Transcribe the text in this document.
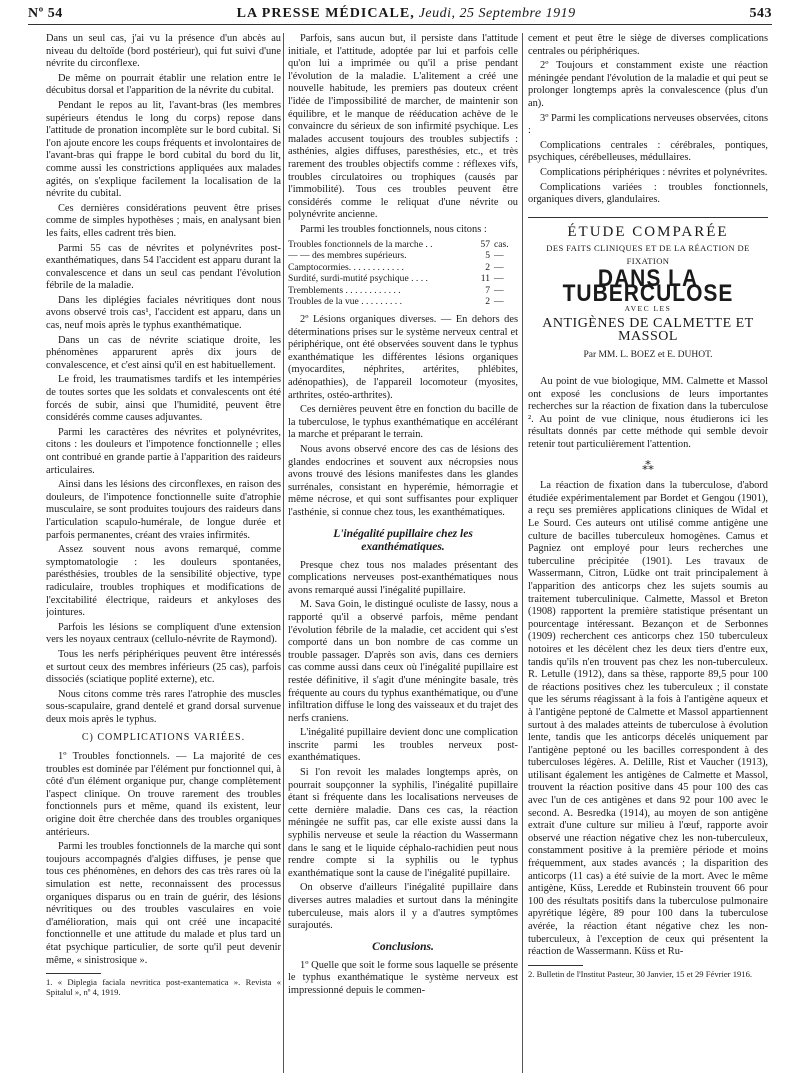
Nº 54	LA PRESSE MÉDICALE, Jeudi, 25 Septembre 1919	543

Dans un seul cas, j'ai vu la présence d'un abcès au niveau du deltoïde (bord postérieur), qui fut suivi d'une névrite du circonflexe.

De même on pourrait établir une relation entre le décubitus dorsal et l'apparition de la névrite du cubital.

Pendant le repos au lit, l'avant-bras (les membres supérieurs étendus le long du corps) repose dans l'attitude de pronation incomplète sur le bord cubital. Si l'on ajoute encore les coups fréquents et involontaires de l'avant-bras qui frappe le bord cubital du bord du lit, comme aussi les constrictions appliquées aux malades agités, on s'explique facilement la localisation de la névrite du cubital.

Ces dernières considérations peuvent être prises comme de simples hypothèses ; mais, en analysant bien les faits, elles cadrent très bien.

Parmi 55 cas de névrites et polynévrites post-exanthématiques, dans 54 l'accident est apparu durant la convalescence et dans un seul cas pendant l'évolution fébrile de la maladie.

Dans les diplégies faciales névritiques dont nous avons observé trois cas¹, l'accident est apparu, dans un cas, neuf mois après le typhus exanthématique.

Dans un cas de névrite sciatique droite, les phénomènes apparurent après dix jours de convalescence, et c'est ainsi qu'il en est habituellement.

Le froid, les traumatismes tardifs et les intempéries de toutes sortes que les soldats et convalescents ont été forcés de subir, ainsi que l'humidité, peuvent être considérés comme causes adjuvantes.

Parmi les caractères des névrites et polynévrites, citons : les douleurs et l'impotence fonctionnelle ; elles ont contribué en grande partie à l'apparition des raideurs articulaires.

Ainsi dans les lésions des circonflexes, en raison des douleurs, de l'impotence fonctionnelle suite d'atrophie musculaire, se sont produites toujours des raideurs dans l'articulation scapulo-humérale, de longue durée et parfois permanentes, créant des vraies infirmités.

Assez souvent nous avons remarqué, comme symptomatologie : les douleurs spontanées, parésthésies, troubles de la sensibilité objective, type radiculaire, troubles trophiques et modifications de l'excitabilité électrique, raideurs et ankyloses des jointures.

Parfois les lésions se compliquent d'une extension vers les noyaux centraux (cellulo-névrite de Raymond).

Tous les nerfs périphériques peuvent être intéressés et surtout ceux des membres inférieurs (25 cas), parfois dissociés (sciatique poplité externe), etc.

Nous citons comme très rares l'atrophie des muscles sous-scapulaire, grand dentelé et grand dorsal survenue deux mois après le typhus.

C) COMPLICATIONS VARIÉES.

1º Troubles fonctionnels. — La majorité de ces troubles est dominée par l'élément pur fonctionnel qui, à côté d'un élément organique pur, change complètement l'aspect clinique. On trouve rarement des troubles fonctionnels purs et même, quand ils existent, leur origine doit être cherchée dans des troubles organiques antérieurs.

Parmi les troubles fonctionnels de la marche qui sont toujours accompagnés d'algies diffuses, je pense que tous ces phénomènes, en dehors des cas très rares où la simulation est nette, reconnaissent des processus organiques disparus ou en train de guérir, des lésions névritiques ou des troubles vasculaires en voie d'amélioration, mais qui ont créé une incapacité fonctionnelle et une attitude du malade et plus tard un état psychique particulier, de sorte qu'il peut devenir même, « sinistrosique ».

1. « Diplegia faciala nevritica post-exantematica ». Revista « Spitalul », nº 4, 1919.

Parfois, sans aucun but, il persiste dans l'attitude initiale, et l'attitude, adoptée par lui et parfois celle qu'on lui a imprimée ou qu'il a prise pendant l'évolution de la maladie. L'alitement a créé une nouvelle habitude, les premiers pas douteux créent l'idée de l'impossibilité de marcher, de maintenir son équilibre, et le manque de rééducation achève de le convaincre du sérieux de son infirmité psychique. Les malades accusent toujours des troubles subjectifs : asthénies, algies diffuses, paresthésies, etc., et très rarement des troubles objectifs comme : réflexes vifs, troubles circulatoires ou trophiques (causés par l'immobilité). Tous ces troubles peuvent être considérés comme le reliquat d'une névrite ou polynévrite ancienne.

Parmi les troubles fonctionnels, nous citons :

Troubles fonctionnels de la marche . .	57	cas.
— — des membres supérieurs.	5	—
Camptocormies. . . . . . . . . . . .	2	—
Surdité, surdi-mutité psychique . . . .	11	—
Tremblements . . . . . . . . . . . .	7	—
Troubles de la vue . . . . . . . . .	2	—

2º Lésions organiques diverses. — En dehors des déterminations prises sur le système nerveux central et périphérique, ont été observées souvent dans le typhus exanthématique les différentes lésions organiques (myocardites, néphrites, artérites, phlébites, adénopathies), de l'appareil locomoteur (myosites, arthrites, ostéo-arthrites).

Ces dernières peuvent être en fonction du bacille de la tuberculose, le typhus exanthématique en accélérant la marche et préparant le terrain.

Nous avons observé encore des cas de lésions des glandes endocrines et souvent aux nécropsies nous avons trouvé des lésions manifestes dans les glandes surrénales, consistant en hyperémie, hémorragie et même nécrose, et qui sont suffisantes pour expliquer l'asthénie, si connue chez tous, les exanthématiques.

L'inégalité pupillaire chez les exanthématiques.

Presque chez tous nos malades présentant des complications nerveuses post-exanthématiques nous avons remarqué aussi l'inégalité pupillaire.

M. Sava Goin, le distingué oculiste de Iassy, nous a rapporté qu'il a observé parfois, même pendant l'évolution fébrile de la maladie, cet accident qui s'est comporté dans un bon nombre de cas comme un trouble passager. D'après son avis, dans ces derniers cas comme aussi dans ceux où l'inégalité pupillaire est restée définitive, il s'agit d'une méningite basale, très fréquente au cours du typhus exanthématique, ou d'une infiltration diffuse le long des vaisseaux et du trajet des nerfs craniens.

L'inégalité pupillaire devient donc une complication inscrite parmi les troubles nerveux post-exanthématiques.

Si l'on revoit les malades longtemps après, on pourrait soupçonner la syphilis, l'inégalité pupillaire étant si fréquente dans les localisations nerveuses de cette dernière maladie. Dans ces cas, la réaction méningée ne suffit pas, car elle existe aussi dans la syphilis nerveuse et seule la réaction du Wassermann dans le sang et le liquide céphalo-rachidien peut nous rendre compte si la syphilis ou le typhus exanthématique sont la cause de l'inégalité pupillaire.

On observe d'ailleurs l'inégalité pupillaire dans diverses autres maladies et surtout dans la méningite tuberculeuse, mais alors il y a d'autres symptômes surajoutés.

Conclusions.

1º Quelle que soit le forme sous laquelle se présente le typhus exanthématique le système nerveux est impressionné depuis le commen-

cement et peut être le siège de diverses complications centrales ou périphériques.

2º Toujours et constamment existe une réaction méningée pendant l'évolution de la maladie et qui peut se prolonger longtemps après la convalescence (plus d'un an).

3º Parmi les complications nerveuses observées, citons :

Complications centrales : cérébrales, pontiques, psychiques, cérébelleuses, médullaires.

Complications périphériques : névrites et polynévrites.

Complications variées : troubles fonctionnels, organiques divers, glandulaires.

ÉTUDE COMPARÉE
DES FAITS CLINIQUES ET DE LA RÉACTION DE FIXATION
DANS LA TUBERCULOSE
AVEC LES
ANTIGÈNES DE CALMETTE ET MASSOL
Par MM. L. BOEZ et E. DUHOT.

Au point de vue biologique, MM. Calmette et Massol ont exposé les conclusions de leurs importantes recherches sur la réaction de fixation dans la tuberculose ². Au point de vue clinique, nous étudierons ici les résultats donnés par cette méthode qui semble devoir retenir tout particulièrement l'attention.

⁂

La réaction de fixation dans la tuberculose, d'abord étudiée expérimentalement par Bordet et Gengou (1901), a reçu ses premières applications cliniques de Widal et Le Sourd. Ces auteurs ont utilisé comme antigène une culture de bacilles tuberculeux homogènes. Camus et Pagniez ont employé pour leurs recherches une tuberculine précipitée (1901). Les travaux de Wassermann, Citron, Lüdke ont trait principalement à l'apparition des anticorps chez les sujets soumis au traitement tuberculinique. Calmette, Massol et Breton (1908) rapportent la première statistique présentant un pourcentage intéressant. Bezançon et de Serbonnes (1909) recherchent ces anticorps chez 150 tuberculeux notoires et les décèlent chez les deux tiers d'entre eux, tandis qu'ils n'en trouvent pas chez les non-tuberculeux. R. Letulle (1912), dans sa thèse, rapporte 89,5 pour 100 de réactions positives chez les tuberculeux ; il constate que les sérums réagissant à la fois à l'antigène aqueux et à l'antigène peptoné de Calmette et Massol appartiennent surtout à des malades atteints de tuberculose à évolution lente, tandis que les anticorps décelés uniquement par l'antigène peptoné ou les bacilles correspondent à des tuberculoses légères. A. Delille, Rist et Vaucher (1913), utilisant également les antigènes de Calmette et Massol, trouvent la réaction positive dans 45 pour 100 des cas avec l'un de ces antigènes et dans 92 pour 100 avec le second. A. Besredka (1914), au moyen de son antigène extrait d'une culture sur milieu à l'œuf, rapporte avoir observé une réaction négative chez les non-tuberculeux, constamment positive à la première période et moins fréquemment, aux stades avancés ; la disparition des anticorps (11 cas) a été suivie de la mort. Avec le même antigène, Küss, Leredde et Rubinstein trouvent 66 pour 100 des résultats positifs dans la tuberculose pulmonaire apyrétique légère, 89 pour 100 dans la tuberculose avérée, la réaction étant négative chez les non-tuberculeux, à l'exception de ceux qui présentent la réaction de Wassermann. Küss et Ru-

2. Bulletin de l'Institut Pasteur, 30 Janvier, 15 et 29 Février 1916.
